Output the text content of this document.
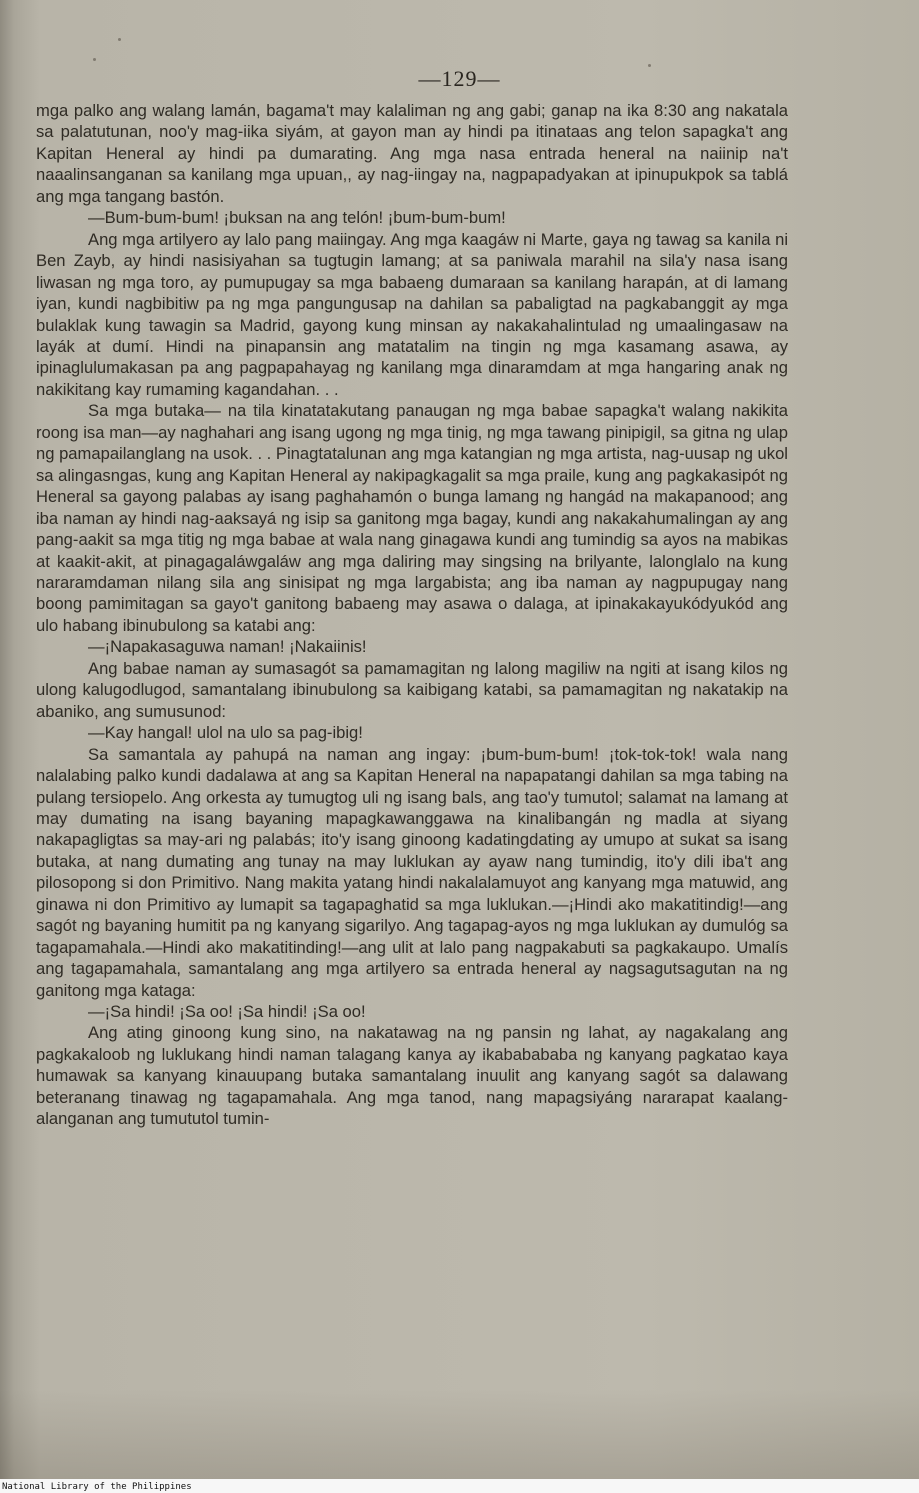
—129—

mga palko ang walang lamán, bagama't may kalaliman ng ang gabi; ganap na ika 8:30 ang nakatala sa palatutunan, noo'y mag-iika siyám, at gayon man ay hindi pa itinataas ang telon sapagka't ang Kapitan Heneral ay hindi pa dumarating. Ang mga nasa entrada heneral na naiinip na't naaalinsanganan sa kanilang mga upuan,, ay nag-iingay na, nagpapadyakan at ipinupukpok sa tablá ang mga tangang bastón.

—Bum-bum-bum! ¡buksan na ang telón! ¡bum-bum-bum!

Ang mga artilyero ay lalo pang maiingay. Ang mga kaagáw ni Marte, gaya ng tawag sa kanila ni Ben Zayb, ay hindi nasisiyahan sa tugtugin lamang; at sa paniwala marahil na sila'y nasa isang liwasan ng mga toro, ay pumupugay sa mga babaeng dumaraan sa kanilang harapán, at di lamang iyan, kundi nagbibitiw pa ng mga pangungusap na dahilan sa pabaligtad na pagkabanggit ay mga bulaklak kung tawagin sa Madrid, gayong kung minsan ay nakakahalintulad ng umaalingasaw na layák at dumí. Hindi na pinapansin ang matatalim na tingin ng mga kasamang asawa, ay ipinaglulumakasan pa ang pagpapahayag ng kanilang mga dinaramdam at mga hangaring anak ng nakikitang kay rumaming kagandahan. . .

Sa mga butaka— na tila kinatatakutang panaugan ng mga babae sapagka't walang nakikita roong isa man—ay naghahari ang isang ugong ng mga tinig, ng mga tawang pinipigil, sa gitna ng ulap ng pamapailanglang na usok. . . Pinagtatalunan ang mga katangian ng mga artista, nag-uusap ng ukol sa alingasngas, kung ang Kapitan Heneral ay nakipagkagalit sa mga praile, kung ang pagkakasipót ng Heneral sa gayong palabas ay isang paghahamón o bunga lamang ng hangád na makapanood; ang iba naman ay hindi nag-aaksayá ng isip sa ganitong mga bagay, kundi ang nakakahumalingan ay ang pang-aakit sa mga titig ng mga babae at wala nang ginagawa kundi ang tumindig sa ayos na mabikas at kaakit-akit, at pinagagaláwgaláw ang mga daliring may singsing na brilyante, lalonglalo na kung nararamdaman nilang sila ang sinisipat ng mga largabista; ang iba naman ay nagpupugay nang boong pamimitagan sa gayo't ganitong babaeng may asawa o dalaga, at ipinakakayukódyukód ang ulo habang ibinubulong sa katabi ang:

—¡Napakasaguwa naman! ¡Nakaiinis!

Ang babae naman ay sumasagót sa pamamagitan ng lalong magiliw na ngiti at isang kilos ng ulong kalugodlugod, samantalang ibinubulong sa kaibigang katabi, sa pamamagitan ng nakatakip na abaniko, ang sumusunod:

—Kay hangal! ulol na ulo sa pag-ibig!

Sa samantala ay pahupá na naman ang ingay: ¡bum-bum-bum! ¡tok-tok-tok! wala nang nalalabing palko kundi dadalawa at ang sa Kapitan Heneral na napapatangi dahilan sa mga tabing na pulang tersiopelo. Ang orkesta ay tumugtog uli ng isang bals, ang tao'y tumutol; salamat na lamang at may dumating na isang bayaning mapagkawanggawa na kinalibangán ng madla at siyang nakapagligtas sa may-ari ng palabás; ito'y isang ginoong kadatingdating ay umupo at sukat sa isang butaka, at nang dumating ang tunay na may luklukan ay ayaw nang tumindig, ito'y dili iba't ang pilosopong si don Primitivo. Nang makita yatang hindi nakalalamuyot ang kanyang mga matuwid, ang ginawa ni don Primitivo ay lumapit sa tagapaghatid sa mga luklukan.—¡Hindi ako makatitindig!—ang sagót ng bayaning humitit pa ng kanyang sigarilyo. Ang tagapag-ayos ng mga luklukan ay dumulóg sa tagapamahala.—Hindi ako makatitinding!—ang ulit at lalo pang nagpakabuti sa pagkakaupo. Umalís ang tagapamahala, samantalang ang mga artilyero sa entrada heneral ay nagsagutsagutan na ng ganitong mga kataga:

—¡Sa hindi! ¡Sa oo! ¡Sa hindi! ¡Sa oo!

Ang ating ginoong kung sino, na nakatawag na ng pansin ng lahat, ay nagakalang ang pagkakaloob ng luklukang hindi naman talagang kanya ay ikababababa ng kanyang pagkatao kaya humawak sa kanyang kinauupang butaka samantalang inuulit ang kanyang sagót sa dalawang beteranang tinawag ng tagapamahala. Ang mga tanod, nang mapagsiyáng nararapat kaalang-alanganan ang tumututol tumin-

National Library of the Philippines
